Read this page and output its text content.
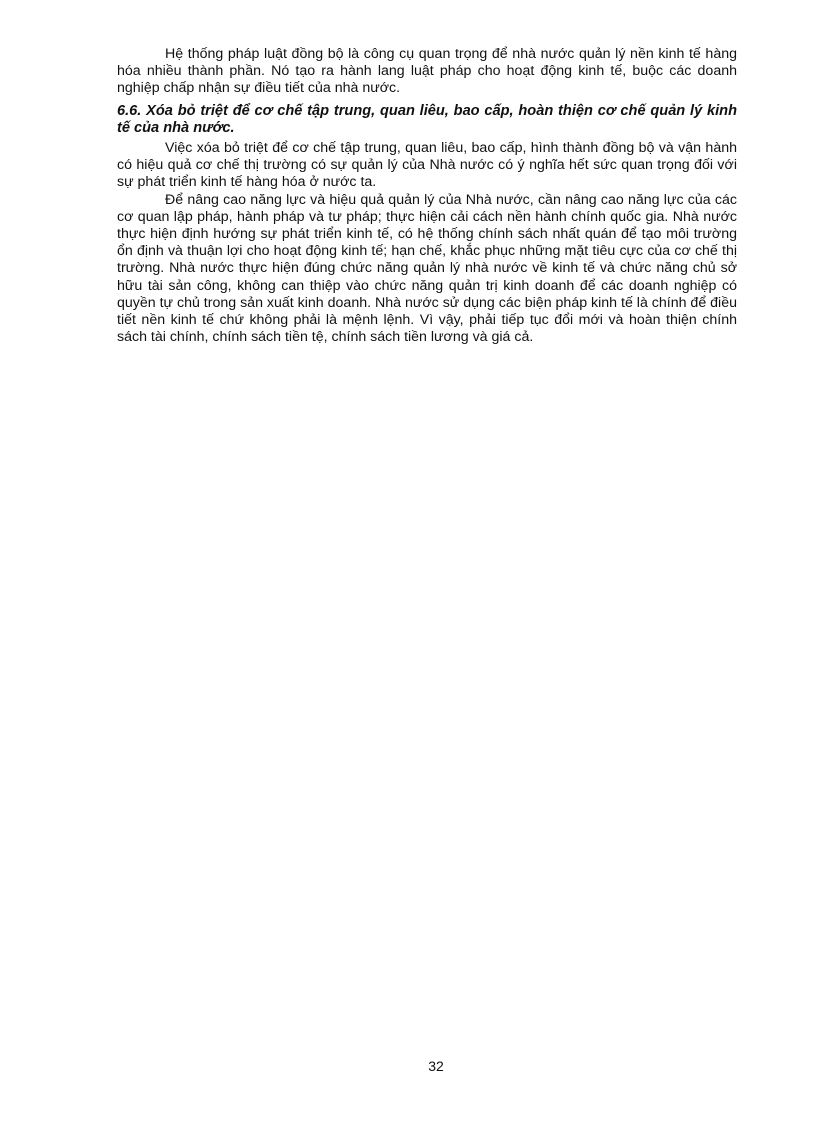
Hệ thống pháp luật đồng bộ là công cụ quan trọng để nhà nước quản lý nền kinh tế hàng hóa nhiều thành phần. Nó tạo ra hành lang luật pháp cho hoạt động kinh tế, buộc các doanh nghiệp chấp nhận sự điều tiết của nhà nước.

6.6. Xóa bỏ triệt để cơ chế tập trung, quan liêu, bao cấp, hoàn thiện cơ chế quản lý kinh tế của nhà nước.

Việc xóa bỏ triệt để cơ chế tập trung, quan liêu, bao cấp, hình thành đồng bộ và vận hành có hiệu quả cơ chế thị trường có sự quản lý của Nhà nước có ý nghĩa hết sức quan trọng đối với sự phát triển kinh tế hàng hóa ở nước ta.

Để nâng cao năng lực và hiệu quả quản lý của Nhà nước, cần nâng cao năng lực của các cơ quan lập pháp, hành pháp và tư pháp; thực hiện cải cách nền hành chính quốc gia. Nhà nước thực hiện định hướng sự phát triển kinh tế, có hệ thống chính sách nhất quán để tạo môi trường ổn định và thuận lợi cho hoạt động kinh tế; hạn chế, khắc phục những mặt tiêu cực của cơ chế thị trường. Nhà nước thực hiện đúng chức năng quản lý nhà nước về kinh tế và chức năng chủ sở hữu tài sản công, không can thiệp vào chức năng quản trị kinh doanh để các doanh nghiệp có quyền tự chủ trong sản xuất kinh doanh. Nhà nước sử dụng các biện pháp kinh tế là chính để điều tiết nền kinh tế chứ không phải là mệnh lệnh. Vì vậy, phải tiếp tục đổi mới và hoàn thiện chính sách tài chính, chính sách tiền tệ, chính sách tiền lương và giá cả.

32
